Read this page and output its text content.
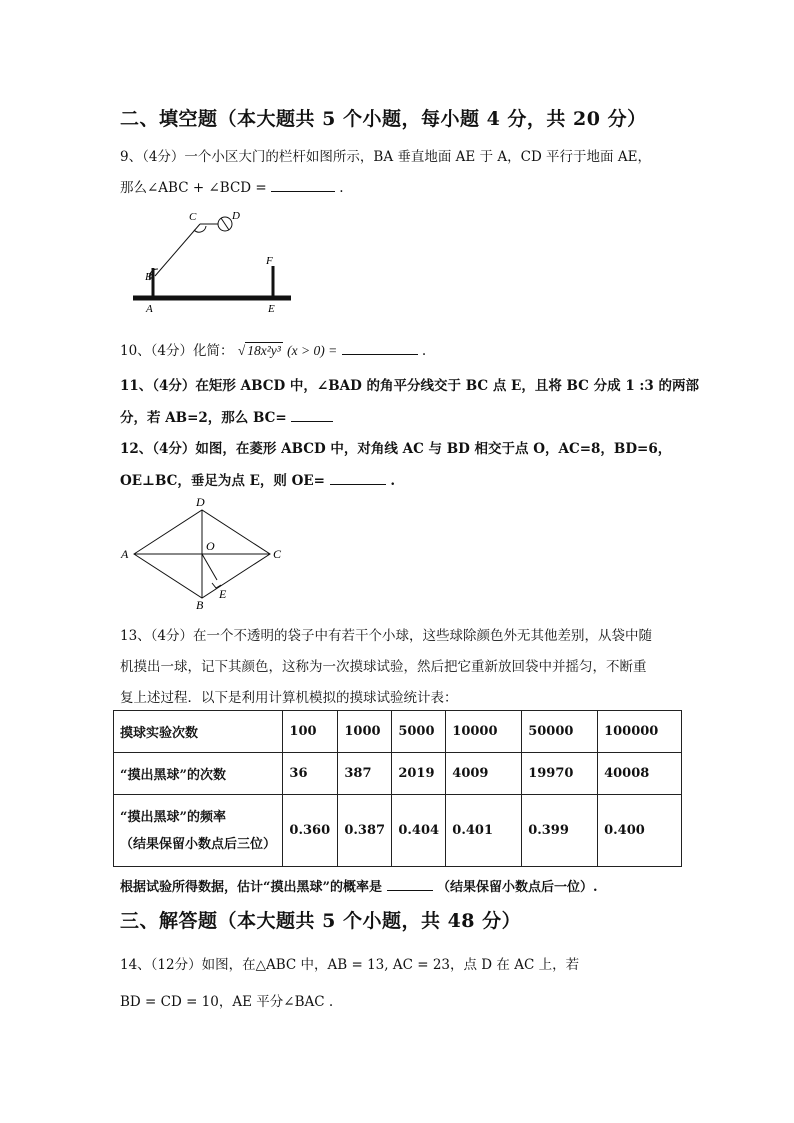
二、填空题（本大题共 5 个小题，每小题 4 分，共 20 分）
9、（4分）一个小区大门的栏杆如图所示，BA 垂直地面 AE 于 A，CD 平行于地面 AE，
那么∠ABC + ∠BCD =	.
B
A
C	D
F
E
10、（4分）化简： √ 18x²y³ (x > 0) =	.
11、（4分）在矩形 ABCD 中，∠BAD 的角平分线交于 BC 点 E，且将 BC 分成 1 :3 的两部
分，若 AB=2，那么 BC=
12、（4分）如图，在菱形 ABCD 中，对角线 AC 与 BD 相交于点 O，AC=8，BD=6，
OE⊥BC，垂足为点 E，则 OE=	.
A
D
O
C
B
E
13、（4分）在一个不透明的袋子中有若干个小球，这些球除颜色外无其他差别，从袋中随
机摸出一球，记下其颜色，这称为一次摸球试验，然后把它重新放回袋中并摇匀，不断重
复上述过程．以下是利用计算机模拟的摸球试验统计表：
摸球实验次数	100	1000	5000	10000	50000	100000
“摸出黑球”的次数	36	387	2019	4009	19970	40008

“摸出黑球”的频率
（结果保留小数点后三位）	0.360	0.387	0.404	0.401	0.399	0.400
根据试验所得数据，估计“摸出黑球”的概率是	（结果保留小数点后一位）.
三、解答题（本大题共 5 个小题，共 48 分）
14、（12分）如图，在△ABC 中，AB = 13, AC = 23，点 D 在 AC 上，若
BD = CD = 10，AE 平分∠BAC .
